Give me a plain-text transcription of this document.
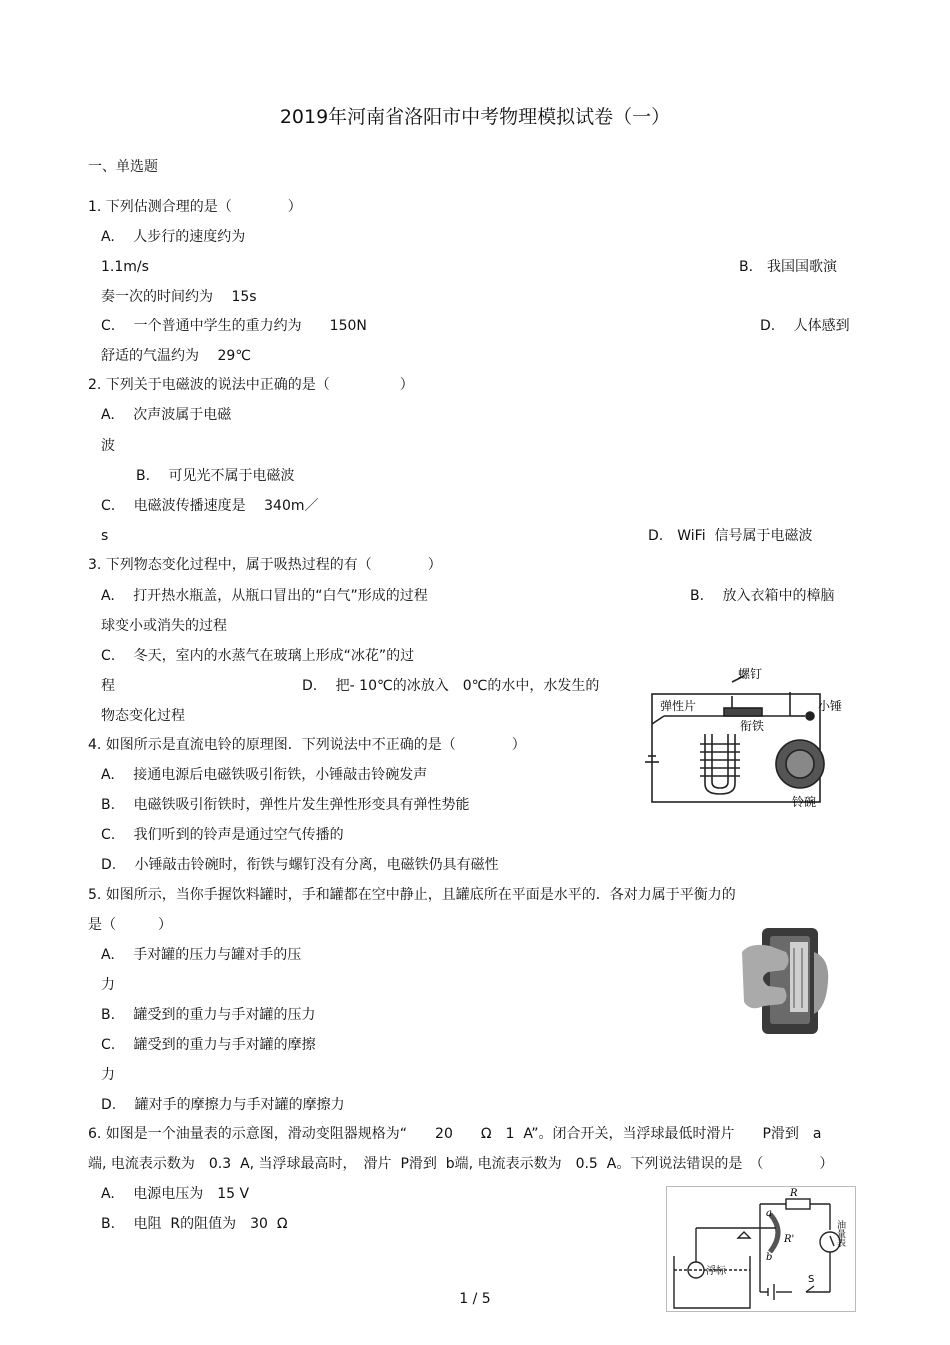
2019年河南省洛阳市中考物理模拟试卷（一）
一、单选题
1. 下列估测合理的是（　　　　）
A.　 人步行的速度约为
1.1m/s	B.　我国国歌演
奏一次的时间约为　 15s
C.　 一个普通中学生的重力约为　　150N	D.　 人体感到
舒适的气温约为　 29℃
2. 下列关于电磁波的说法中正确的是（　　　　　）
A.　 次声波属于电磁
波
B.　 可见光不属于电磁波
C.　 电磁波传播速度是　 340m／
s	D.　WiFi  信号属于电磁波
3. 下列物态变化过程中，属于吸热过程的有（　　　　）
A.　 打开热水瓶盖，从瓶口冒出的“白气”形成的过程	B.　 放入衣箱中的樟脑
球变小或消失的过程
C.　 冬天，室内的水蒸气在玻璃上形成“冰花”的过
程	D.　 把- 10℃的冰放入　0℃的水中，水发生的
物态变化过程
4. 如图所示是直流电铃的原理图．下列说法中不正确的是（　　　　）
A.　 接通电源后电磁铁吸引衔铁，小锤敲击铃碗发声
B.　 电磁铁吸引衔铁时，弹性片发生弹性形变具有弹性势能
C.　 我们听到的铃声是通过空气传播的
D.　 小锤敲击铃碗时，衔铁与螺钉没有分离，电磁铁仍具有磁性
螺钉
弹性片
衔铁
小锤
铃碗
5. 如图所示，当你手握饮料罐时，手和罐都在空中静止，且罐底所在平面是水平的．各对力属于平衡力的
是（　　　）
A.　 手对罐的压力与罐对手的压
力
B.　 罐受到的重力与手对罐的压力
C.　 罐受到的重力与手对罐的摩擦
力
D.　 罐对手的摩擦力与手对罐的摩擦力
6. 如图是一个油量表的示意图，滑动变阻器规格为“　　20　　Ω　1  A”。闭合开关，当浮球最低时滑片　　P滑到　a
端, 电流表示数为　0.3  A, 当浮球最高时，　滑片  P滑到  b端, 电流表示数为　0.5  A。下列说法错误的是　（　　　　）
A.　 电源电压为　15 V
B.　 电阻  R的阻值为　30  Ω
R
a
b
R'	油量表
浮标
S
1 / 5
